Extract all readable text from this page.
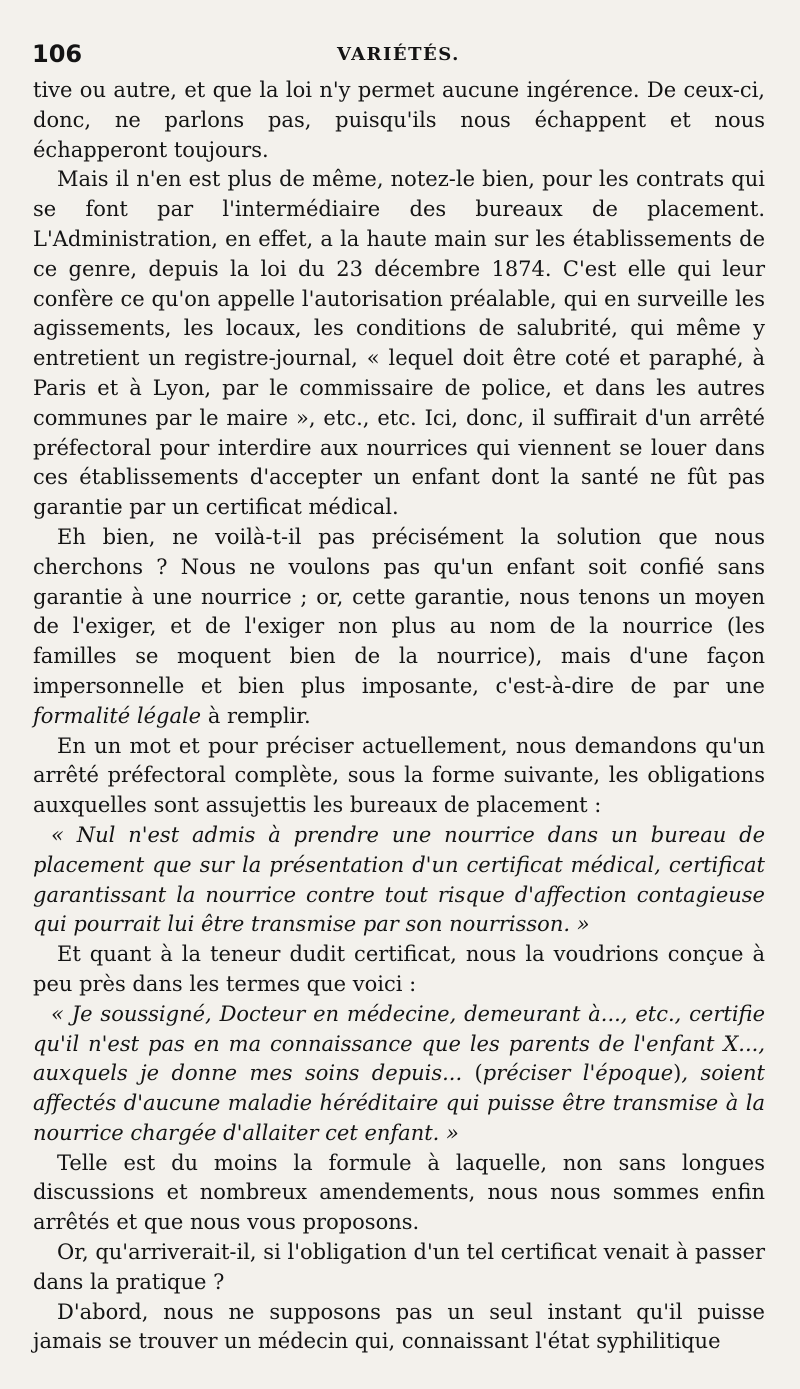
106	VARIÉTÉS.

tive ou autre, et que la loi n'y permet aucune ingérence. De ceux-ci, donc, ne parlons pas, puisqu'ils nous échappent et nous échapperont toujours.

Mais il n'en est plus de même, notez-le bien, pour les contrats qui se font par l'intermédiaire des bureaux de placement. L'Administration, en effet, a la haute main sur les établissements de ce genre, depuis la loi du 23 décembre 1874. C'est elle qui leur confère ce qu'on appelle l'autorisation préalable, qui en surveille les agissements, les locaux, les conditions de salubrité, qui même y entretient un registre-journal, « lequel doit être coté et paraphé, à Paris et à Lyon, par le commissaire de police, et dans les autres communes par le maire », etc., etc. Ici, donc, il suffirait d'un arrêté préfectoral pour interdire aux nourrices qui viennent se louer dans ces établissements d'accepter un enfant dont la santé ne fût pas garantie par un certificat médical.

Eh bien, ne voilà-t-il pas précisément la solution que nous cherchons ? Nous ne voulons pas qu'un enfant soit confié sans garantie à une nourrice ; or, cette garantie, nous tenons un moyen de l'exiger, et de l'exiger non plus au nom de la nourrice (les familles se moquent bien de la nourrice), mais d'une façon impersonnelle et bien plus imposante, c'est-à-dire de par une formalité légale à remplir.

En un mot et pour préciser actuellement, nous demandons qu'un arrêté préfectoral complète, sous la forme suivante, les obligations auxquelles sont assujettis les bureaux de placement :

« Nul n'est admis à prendre une nourrice dans un bureau de placement que sur la présentation d'un certificat médical, certificat garantissant la nourrice contre tout risque d'affection contagieuse qui pourrait lui être transmise par son nourrisson. »

Et quant à la teneur dudit certificat, nous la voudrions conçue à peu près dans les termes que voici :

« Je soussigné, Docteur en médecine, demeurant à..., etc., certifie qu'il n'est pas en ma connaissance que les parents de l'enfant X..., auxquels je donne mes soins depuis... (préciser l'époque), soient affectés d'aucune maladie héréditaire qui puisse être transmise à la nourrice chargée d'allaiter cet enfant. »

Telle est du moins la formule à laquelle, non sans longues discussions et nombreux amendements, nous nous sommes enfin arrêtés et que nous vous proposons.

Or, qu'arriverait-il, si l'obligation d'un tel certificat venait à passer dans la pratique ?

D'abord, nous ne supposons pas un seul instant qu'il puisse jamais se trouver un médecin qui, connaissant l'état syphilitique
